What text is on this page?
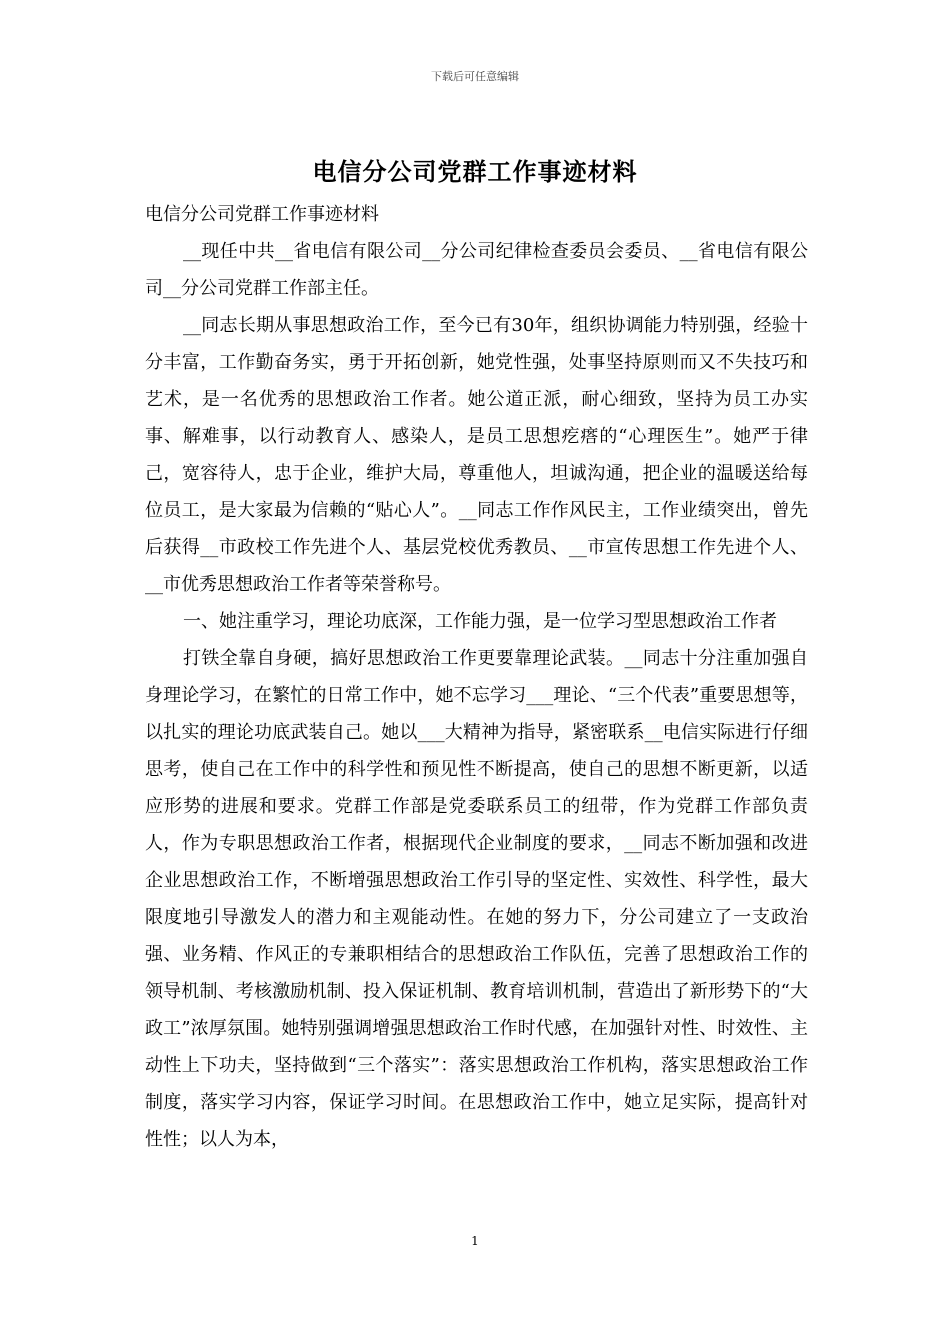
下载后可任意编辑
电信分公司党群工作事迹材料

电信分公司党群工作事迹材料

__现任中共__省电信有限公司__分公司纪律检查委员会委员、__省电信有限公司__分公司党群工作部主任。

__同志长期从事思想政治工作，至今已有30年，组织协调能力特别强，经验十分丰富，工作勤奋务实，勇于开拓创新，她党性强，处事坚持原则而又不失技巧和艺术，是一名优秀的思想政治工作者。她公道正派，耐心细致，坚持为员工办实事、解难事，以行动教育人、感染人，是员工思想疙瘩的“心理医生”。她严于律己，宽容待人，忠于企业，维护大局，尊重他人，坦诚沟通，把企业的温暖送给每位员工，是大家最为信赖的“贴心人”。__同志工作作风民主，工作业绩突出，曾先后获得__市政校工作先进个人、基层党校优秀教员、__市宣传思想工作先进个人、__市优秀思想政治工作者等荣誉称号。

一、她注重学习，理论功底深，工作能力强，是一位学习型思想政治工作者

打铁全靠自身硬，搞好思想政治工作更要靠理论武装。__同志十分注重加强自身理论学习，在繁忙的日常工作中，她不忘学习___理论、“三个代表”重要思想等，以扎实的理论功底武装自己。她以___大精神为指导，紧密联系__电信实际进行仔细思考，使自己在工作中的科学性和预见性不断提高，使自己的思想不断更新，以适应形势的进展和要求。党群工作部是党委联系员工的纽带，作为党群工作部负责人，作为专职思想政治工作者，根据现代企业制度的要求，__同志不断加强和改进企业思想政治工作，不断增强思想政治工作引导的坚定性、实效性、科学性，最大限度地引导激发人的潜力和主观能动性。在她的努力下，分公司建立了一支政治强、业务精、作风正的专兼职相结合的思想政治工作队伍，完善了思想政治工作的领导机制、考核激励机制、投入保证机制、教育培训机制，营造出了新形势下的“大政工”浓厚氛围。她特别强调增强思想政治工作时代感，在加强针对性、时效性、主动性上下功夫，坚持做到“三个落实”：落实思想政治工作机构，落实思想政治工作制度，落实学习内容，保证学习时间。在思想政治工作中，她立足实际，提高针对性性；以人为本，

1
